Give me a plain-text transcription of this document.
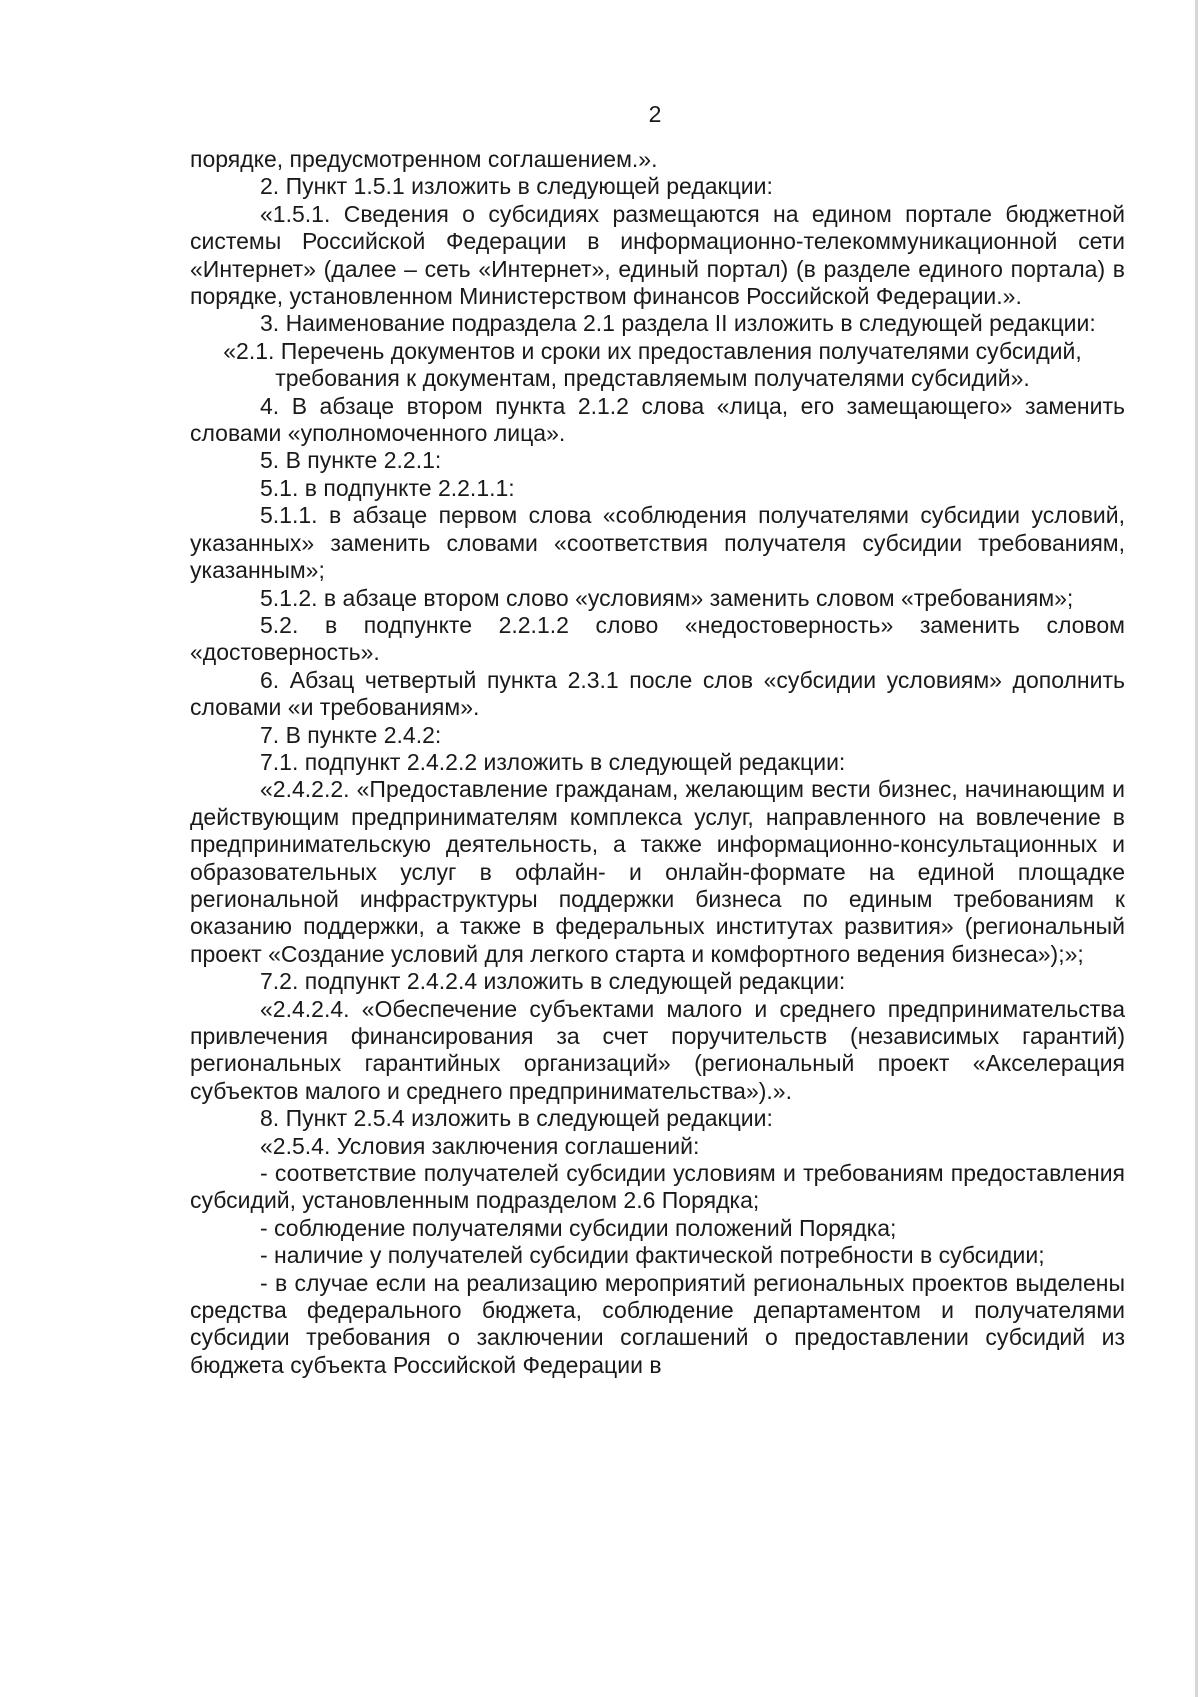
2

порядке, предусмотренном соглашением.».

2. Пункт 1.5.1 изложить в следующей редакции:

«1.5.1. Сведения о субсидиях размещаются на едином портале бюджетной системы Российской Федерации в информационно-телекоммуникационной сети «Интернет» (далее – сеть «Интернет», единый портал) (в разделе единого портала) в порядке, установленном Министерством финансов Российской Федерации.».

3. Наименование подраздела 2.1 раздела II изложить в следующей редакции:

«2.1. Перечень документов и сроки их предоставления получателями субсидий, требования к документам, представляемым получателями субсидий».

4. В абзаце втором пункта 2.1.2 слова «лица, его замещающего» заменить словами «уполномоченного лица».

5. В пункте 2.2.1:

5.1. в подпункте 2.2.1.1:

5.1.1. в абзаце первом слова «соблюдения получателями субсидии условий, указанных» заменить словами «соответствия получателя субсидии требованиям, указанным»;

5.1.2. в абзаце втором слово «условиям» заменить словом «требованиям»;

5.2. в подпункте 2.2.1.2 слово «недостоверность» заменить словом «достоверность».

6. Абзац четвертый пункта 2.3.1 после слов «субсидии условиям» дополнить словами «и требованиям».

7. В пункте 2.4.2:

7.1. подпункт 2.4.2.2 изложить в следующей редакции:

«2.4.2.2. «Предоставление гражданам, желающим вести бизнес, начинающим и действующим предпринимателям комплекса услуг, направленного на вовлечение в предпринимательскую деятельность, а также информационно-консультационных и образовательных услуг в офлайн- и онлайн-формате на единой площадке региональной инфраструктуры поддержки бизнеса по единым требованиям к оказанию поддержки, а также в федеральных институтах развития» (региональный проект «Создание условий для легкого старта и комфортного ведения бизнеса»);»;

7.2. подпункт 2.4.2.4 изложить в следующей редакции:

«2.4.2.4. «Обеспечение субъектами малого и среднего предпринимательства привлечения финансирования за счет поручительств (независимых гарантий) региональных гарантийных организаций» (региональный проект «Акселерация субъектов малого и среднего предпринимательства»).».

8. Пункт 2.5.4 изложить в следующей редакции:

«2.5.4. Условия заключения соглашений:

- соответствие получателей субсидии условиям и требованиям предоставления субсидий, установленным подразделом 2.6 Порядка;

- соблюдение получателями субсидии положений Порядка;

- наличие у получателей субсидии фактической потребности в субсидии;

- в случае если на реализацию мероприятий региональных проектов выделены средства федерального бюджета, соблюдение департаментом и получателями субсидии требования о заключении соглашений о предоставлении субсидий из бюджета субъекта Российской Федерации в
